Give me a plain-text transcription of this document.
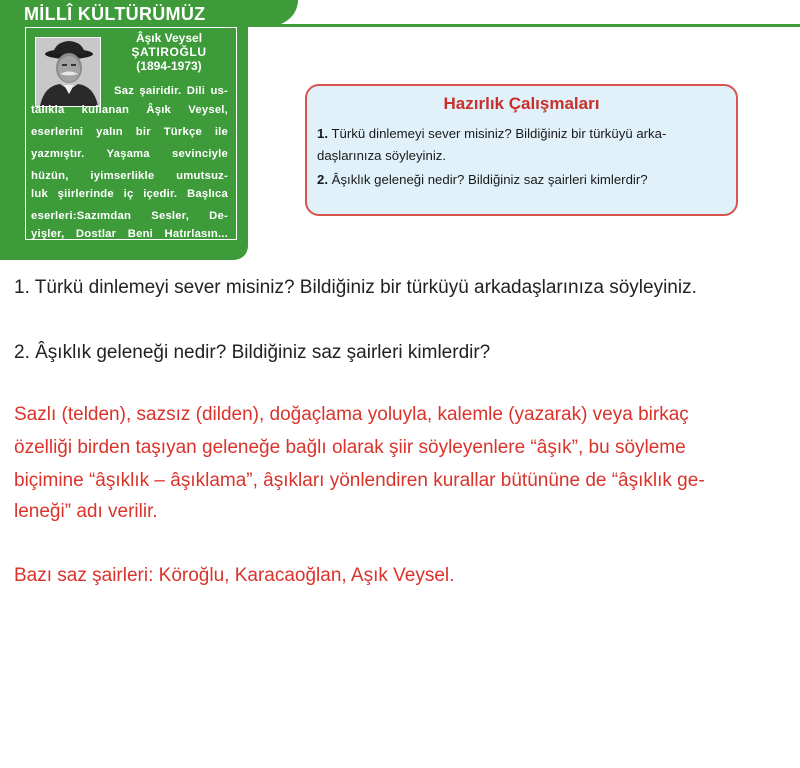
MİLLÎ KÜLTÜRÜMÜZ
Âşık Veysel
ŞATIROĞLU
(1894-1973)
Saz şairidir. Dili us-
talıkla kullanan Âşık Veysel,
eserlerini yalın bir Türkçe ile
yazmıştır. Yaşama sevinciyle
hüzün, iyimserlikle umutsuz-
luk şiirlerinde iç içedir. Başlıca
eserleri:Sazımdan Sesler, De-
yişler, Dostlar Beni Hatırlasın...
Hazırlık Çalışmaları
1. Türkü dinlemeyi sever misiniz? Bildiğiniz bir türküyü arka-
daşlarınıza söyleyiniz.
2. Âşıklık geleneği nedir? Bildiğiniz saz şairleri kimlerdir?

1. Türkü dinlemeyi sever misiniz? Bildiğiniz bir türküyü arkadaşlarınıza söyleyiniz.

2. Âşıklık geleneği nedir? Bildiğiniz saz şairleri kimlerdir?

Sazlı (telden), sazsız (dilden), doğaçlama yoluyla, kalemle (yazarak) veya birkaç

özelliği birden taşıyan geleneğe bağlı olarak şiir söyleyenlere “âşık”, bu söyleme

biçimine “âşıklık – âşıklama”, âşıkları yönlendiren kurallar bütününe de “âşıklık ge-

leneği” adı verilir.

Bazı saz şairleri: Köroğlu, Karacaoğlan, Aşık Veysel.
